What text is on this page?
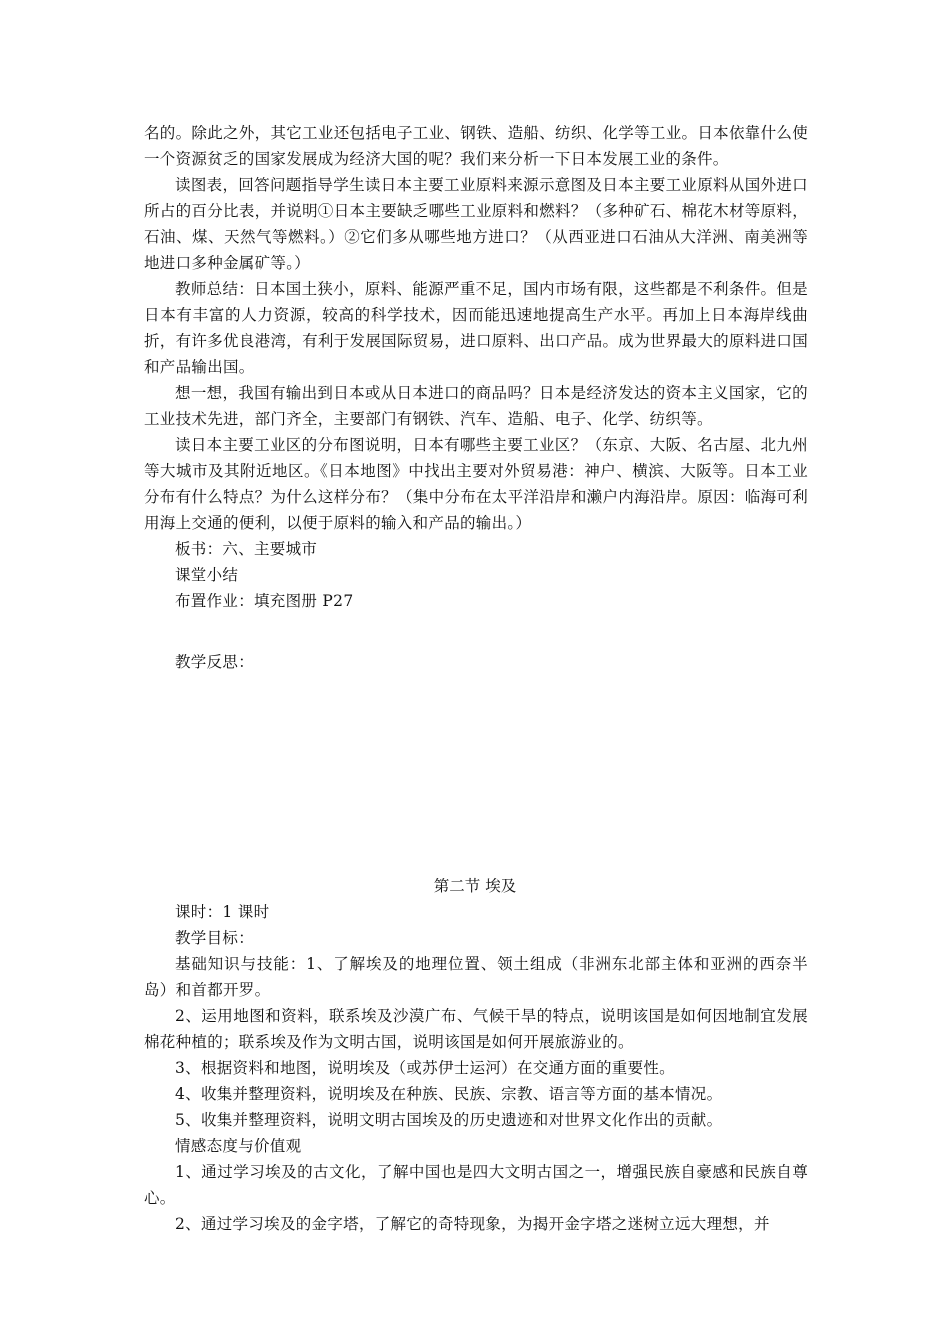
名的。除此之外，其它工业还包括电子工业、钢铁、造船、纺织、化学等工业。日本依靠什么使一个资源贫乏的国家发展成为经济大国的呢？我们来分析一下日本发展工业的条件。

读图表，回答问题指导学生读日本主要工业原料来源示意图及日本主要工业原料从国外进口所占的百分比表，并说明①日本主要缺乏哪些工业原料和燃料？（多种矿石、棉花木材等原料，石油、煤、天然气等燃料。）②它们多从哪些地方进口？（从西亚进口石油从大洋洲、南美洲等地进口多种金属矿等。）

教师总结：日本国土狭小，原料、能源严重不足，国内市场有限，这些都是不利条件。但是日本有丰富的人力资源，较高的科学技术，因而能迅速地提高生产水平。再加上日本海岸线曲折，有许多优良港湾，有利于发展国际贸易，进口原料、出口产品。成为世界最大的原料进口国和产品输出国。

想一想，我国有输出到日本或从日本进口的商品吗？日本是经济发达的资本主义国家，它的工业技术先进，部门齐全，主要部门有钢铁、汽车、造船、电子、化学、纺织等。

读日本主要工业区的分布图说明，日本有哪些主要工业区？（东京、大阪、名古屋、北九州等大城市及其附近地区。《日本地图》中找出主要对外贸易港：神户、横滨、大阪等。日本工业分布有什么特点？为什么这样分布？（集中分布在太平洋沿岸和濑户内海沿岸。原因：临海可利用海上交通的便利，以便于原料的输入和产品的输出。）

板书：六、主要城市

课堂小结

布置作业：填充图册 P27

教学反思：

第二节 埃及

课时：1 课时

教学目标：

基础知识与技能：1、了解埃及的地理位置、领土组成（非洲东北部主体和亚洲的西奈半岛）和首都开罗。

2、运用地图和资料，联系埃及沙漠广布、气候干旱的特点，说明该国是如何因地制宜发展棉花种植的；联系埃及作为文明古国，说明该国是如何开展旅游业的。

3、根据资料和地图，说明埃及（或苏伊士运河）在交通方面的重要性。

4、收集并整理资料，说明埃及在种族、民族、宗教、语言等方面的基本情况。

5、收集并整理资料，说明文明古国埃及的历史遗迹和对世界文化作出的贡献。

情感态度与价值观

1、通过学习埃及的古文化，了解中国也是四大文明古国之一，增强民族自豪感和民族自尊心。

2、通过学习埃及的金字塔，了解它的奇特现象，为揭开金字塔之迷树立远大理想，并
